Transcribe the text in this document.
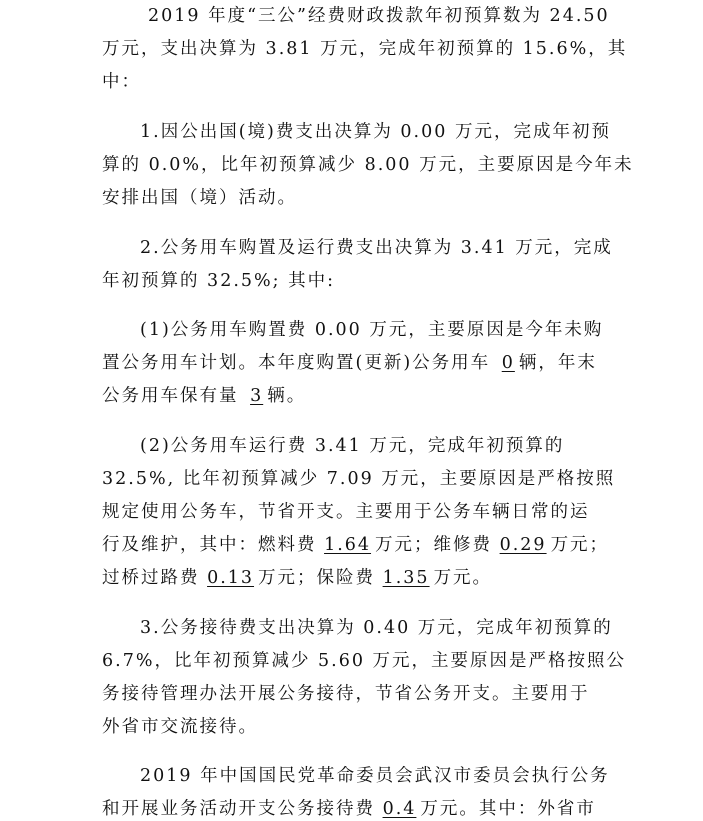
2019 年度“三公”经费财政拨款年初预算数为 24.50

万元，支出决算为 3.81 万元，完成年初预算的 15.6%，其

中：

1.因公出国(境)费支出决算为 0.00 万元，完成年初预

算的 0.0%，比年初预算减少 8.00 万元，主要原因是今年未

安排出国（境）活动。

2.公务用车购置及运行费支出决算为 3.41 万元，完成

年初预算的 32.5%; 其中:

(1)公务用车购置费 0.00 万元，主要原因是今年未购

置公务用车计划。本年度购置(更新)公务用车 0 辆，年末

公务用车保有量 3 辆。

(2)公务用车运行费 3.41 万元，完成年初预算的

32.5%, 比年初预算减少 7.09 万元，主要原因是严格按照

规定使用公务车，节省开支。主要用于公务车辆日常的运

行及维护，其中：燃料费 1.64 万元；维修费 0.29 万元；

过桥过路费 0.13 万元；保险费 1.35 万元。

3.公务接待费支出决算为 0.40 万元，完成年初预算的

6.7%，比年初预算减少 5.60 万元，主要原因是严格按照公

务接待管理办法开展公务接待，节省公务开支。主要用于

外省市交流接待。

2019 年中国国民党革命委员会武汉市委员会执行公务

和开展业务活动开支公务接待费 0.4 万元。其中：外省市
